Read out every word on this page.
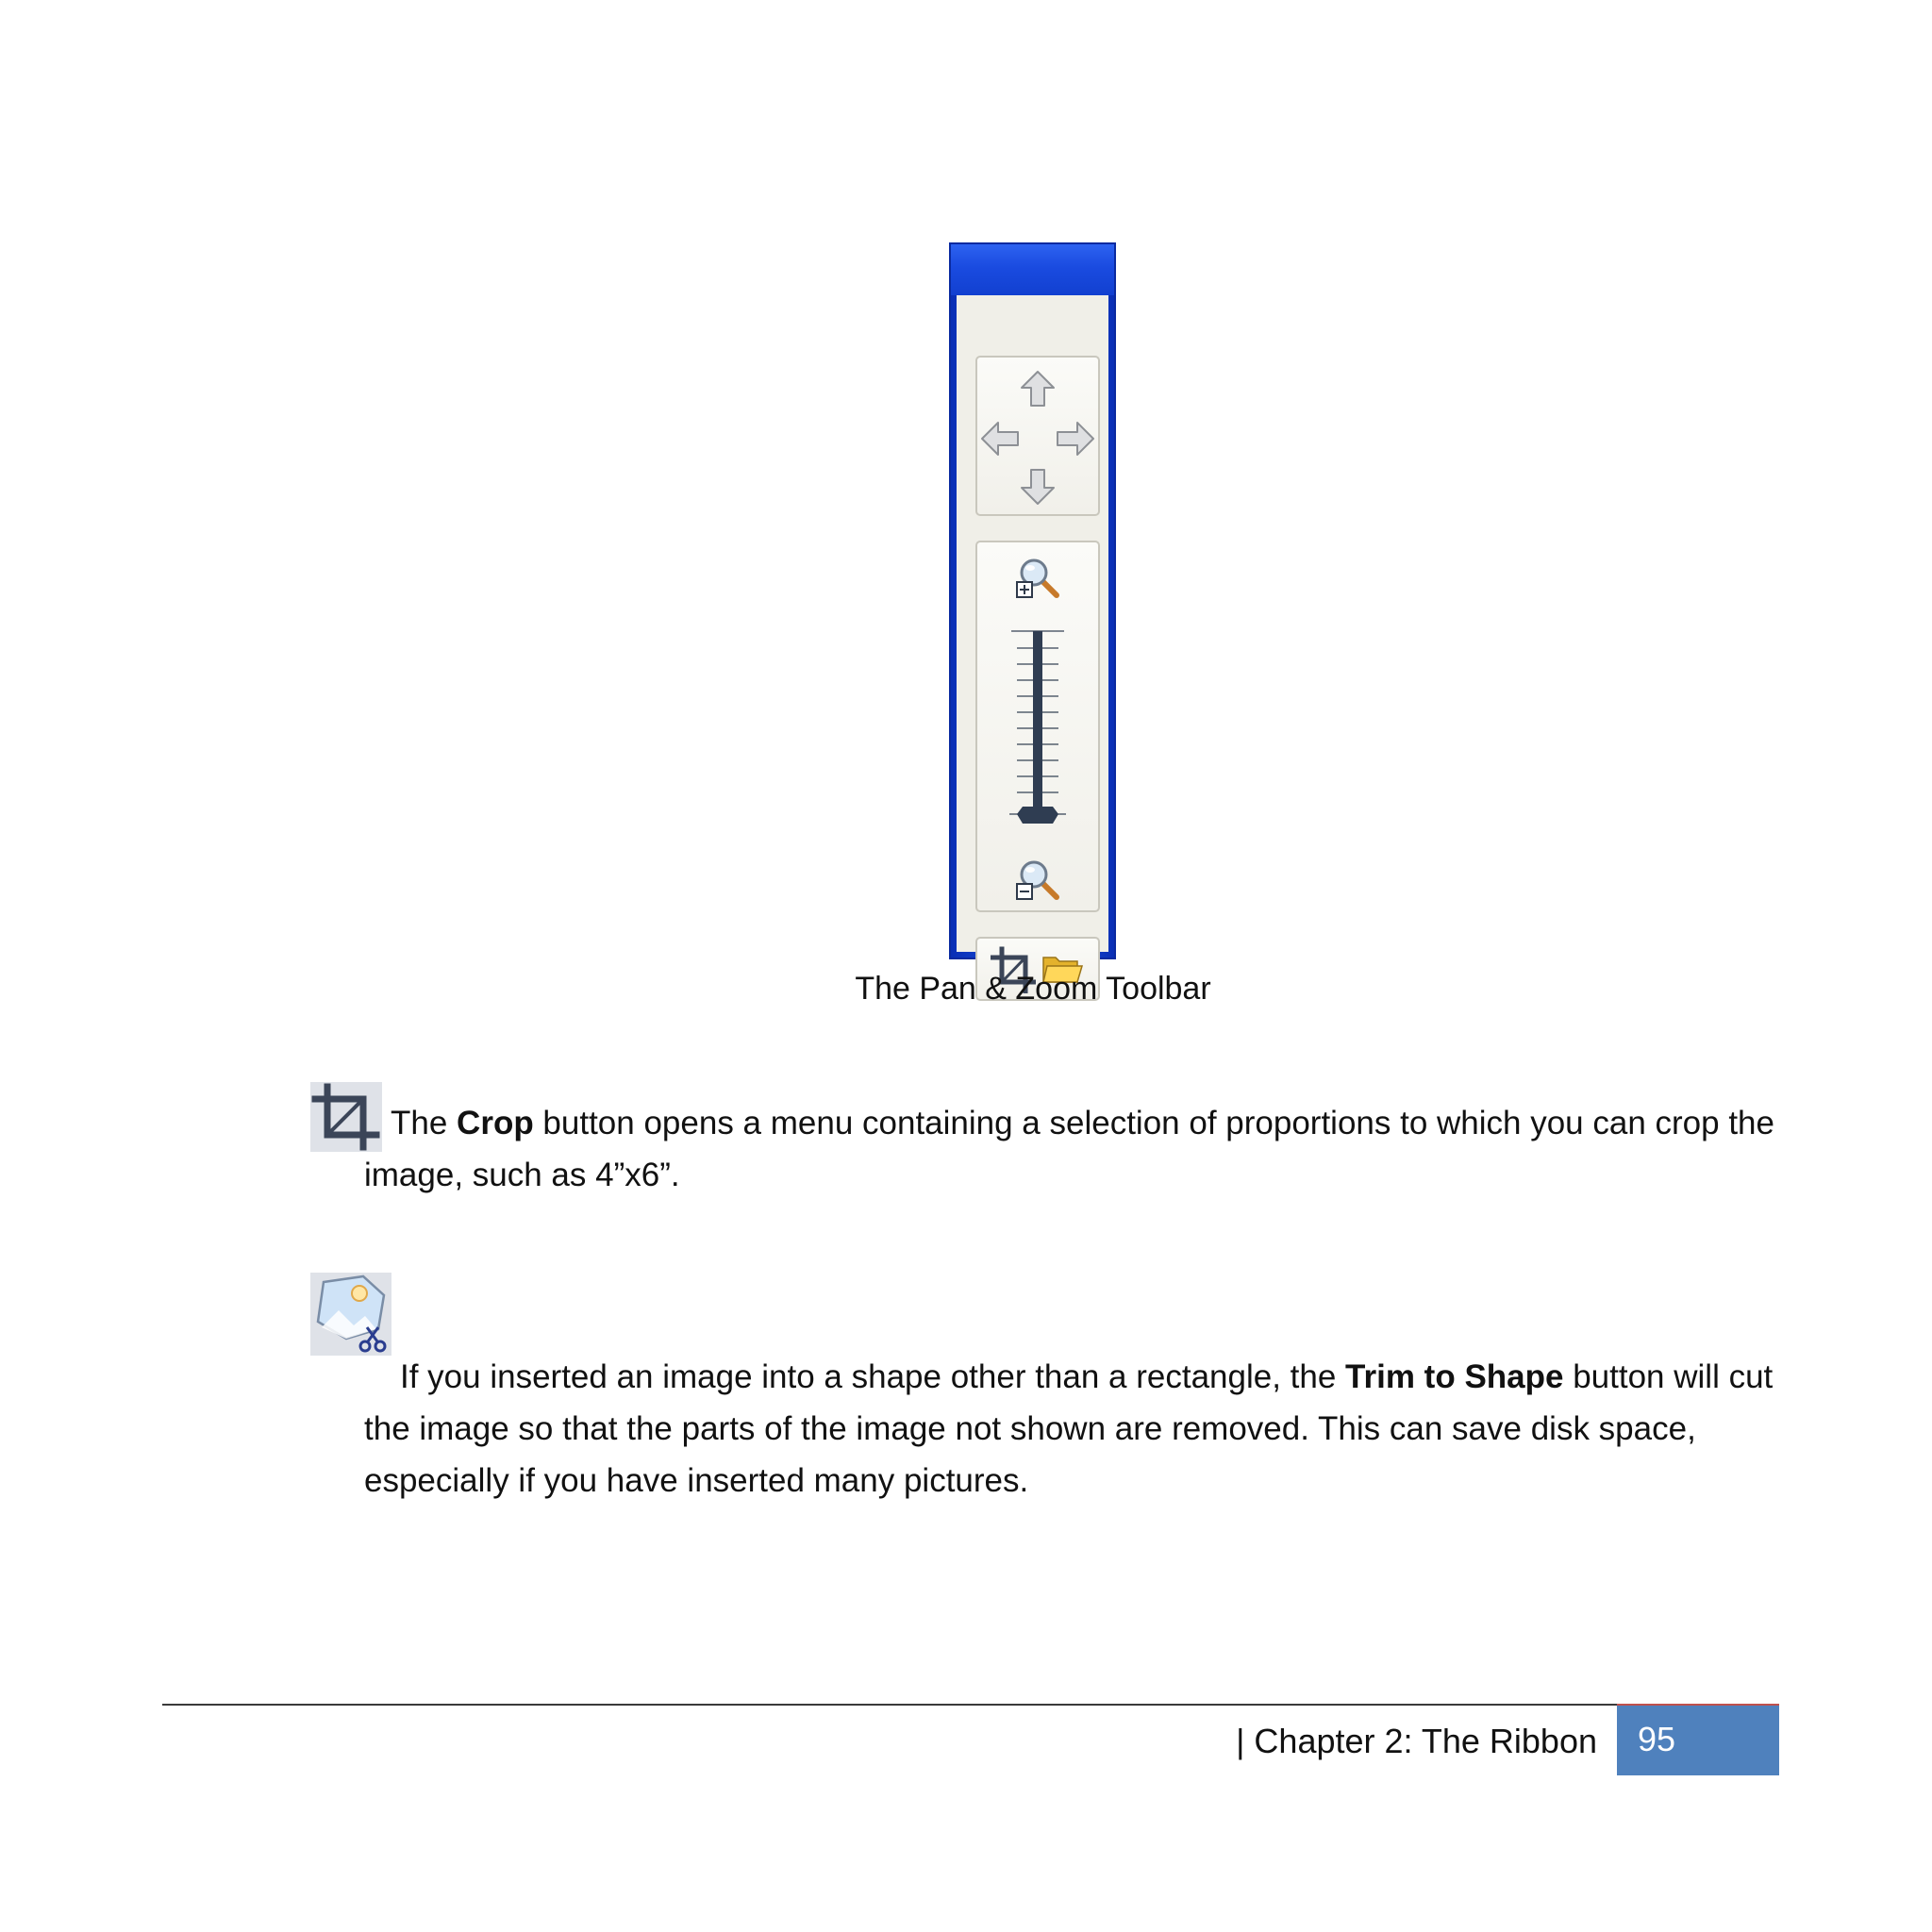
The Pan & Zoom Toolbar
The Crop button opens a menu containing a selection of proportions to which you can crop the image, such as 4”x6”.

If you inserted an image into a shape other than a rectangle, the Trim to Shape button will cut the image so that the parts of the image not shown are removed. This can save disk space, especially if you have inserted many pictures.
| Chapter 2: The Ribbon	95
